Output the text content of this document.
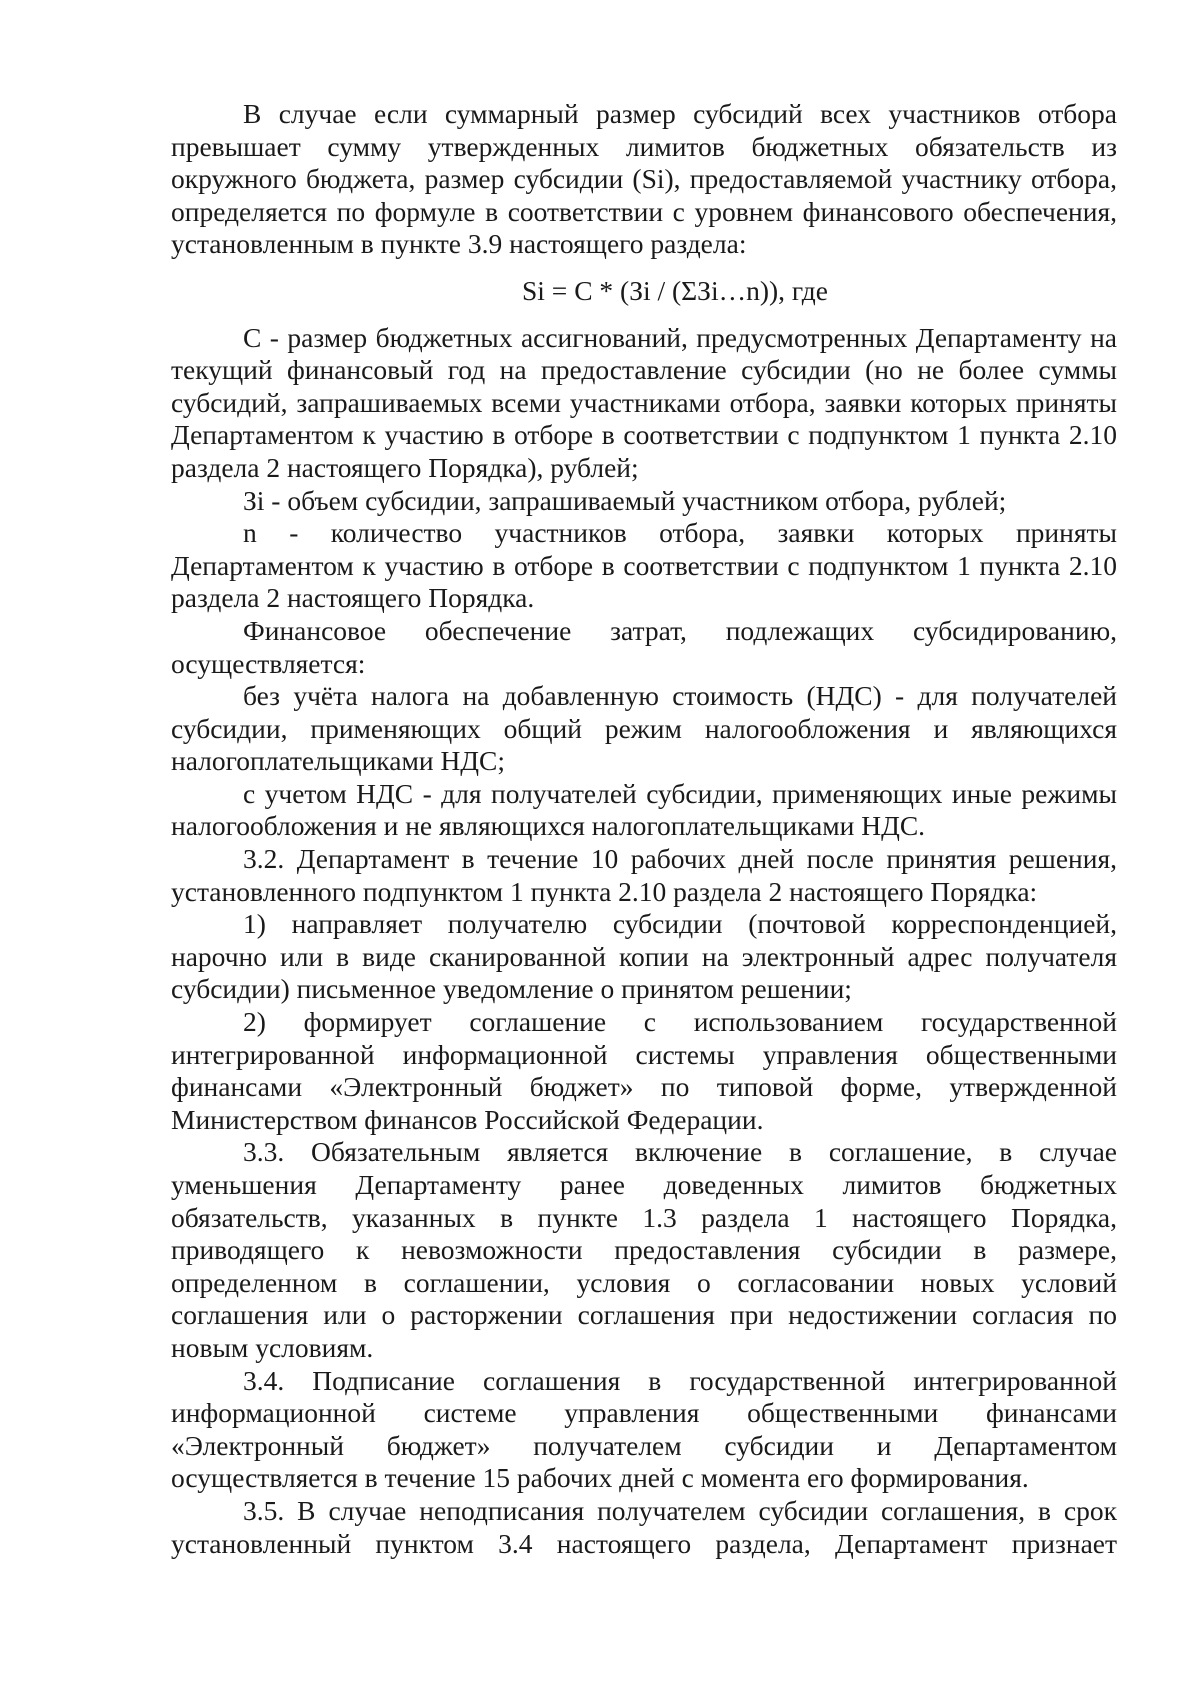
В случае если суммарный размер субсидий всех участников отбора превышает сумму утвержденных лимитов бюджетных обязательств из окружного бюджета, размер субсидии (Si), предоставляемой участнику отбора, определяется по формуле в соответствии с уровнем финансового обеспечения, установленным в пункте 3.9 настоящего раздела:

Si = С * (Зi / (ΣЗi…n)), где

С - размер бюджетных ассигнований, предусмотренных Департаменту на текущий финансовый год на предоставление субсидии (но не более суммы субсидий, запрашиваемых всеми участниками отбора, заявки которых приняты Департаментом к участию в отборе в соответствии с подпунктом 1 пункта 2.10 раздела 2 настоящего Порядка), рублей;

Зi - объем субсидии, запрашиваемый участником отбора, рублей;

n - количество участников отбора, заявки которых приняты Департаментом к участию в отборе в соответствии с подпунктом 1 пункта 2.10 раздела 2 настоящего Порядка.

Финансовое обеспечение затрат, подлежащих субсидированию, осуществляется:

без учёта налога на добавленную стоимость (НДС) - для получателей субсидии, применяющих общий режим налогообложения и являющихся налогоплательщиками НДС;

с учетом НДС - для получателей субсидии, применяющих иные режимы налогообложения и не являющихся налогоплательщиками НДС.

3.2. Департамент в течение 10 рабочих дней после принятия решения, установленного подпунктом 1 пункта 2.10 раздела 2 настоящего Порядка:

1) направляет получателю субсидии (почтовой корреспонденцией, нарочно или в виде сканированной копии на электронный адрес получателя субсидии) письменное уведомление о принятом решении;

2) формирует соглашение с использованием государственной интегрированной информационной системы управления общественными финансами «Электронный бюджет» по типовой форме, утвержденной Министерством финансов Российской Федерации.

3.3. Обязательным является включение в соглашение, в случае уменьшения Департаменту ранее доведенных лимитов бюджетных обязательств, указанных в пункте 1.3 раздела 1 настоящего Порядка, приводящего к невозможности предоставления субсидии в размере, определенном в соглашении, условия о согласовании новых условий соглашения или о расторжении соглашения при недостижении согласия по новым условиям.

3.4. Подписание соглашения в государственной интегрированной информационной системе управления общественными финансами «Электронный бюджет» получателем субсидии и Департаментом осуществляется в течение 15 рабочих дней с момента его формирования.

3.5. В случае неподписания получателем субсидии соглашения, в срок установленный пунктом 3.4 настоящего раздела, Департамент признает
